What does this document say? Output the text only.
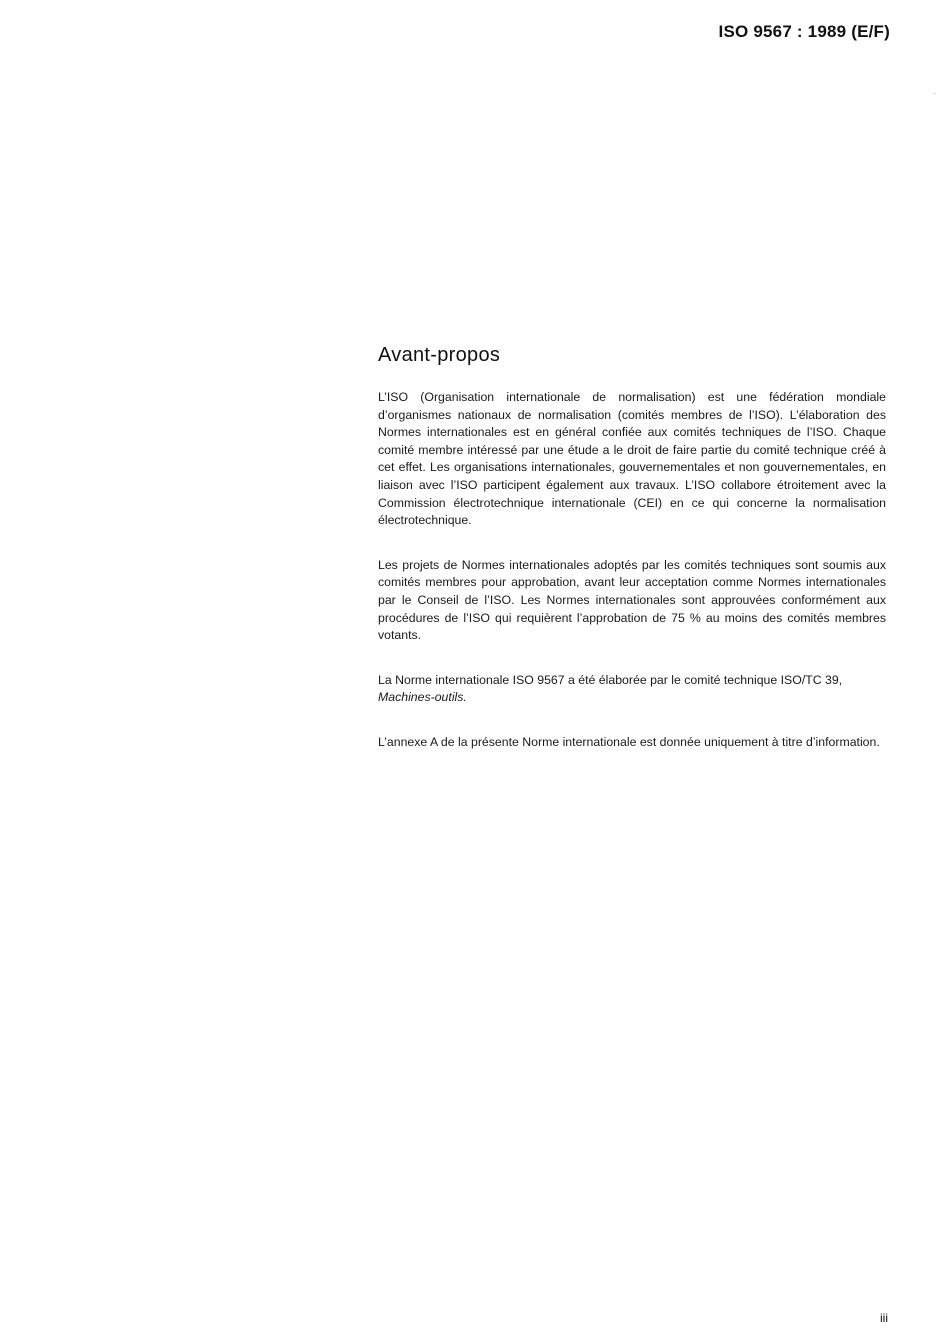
ISO 9567 : 1989 (E/F)
-
Avant-propos

L’ISO (Organisation internationale de normalisation) est une fédération mondiale d’organismes nationaux de normalisation (comités membres de l’ISO). L’élaboration des Normes internationales est en général confiée aux comités techniques de l’ISO. Chaque comité membre intéressé par une étude a le droit de faire partie du comité technique créé à cet effet. Les organisations internationales, gouvernementales et non gouvernementales, en liaison avec l’ISO participent également aux travaux. L’ISO collabore étroitement avec la Commission électrotechnique internationale (CEI) en ce qui concerne la normalisation électrotechnique.

Les projets de Normes internationales adoptés par les comités techniques sont soumis aux comités membres pour approbation, avant leur acceptation comme Normes internationales par le Conseil de l’ISO. Les Normes internationales sont approuvées conformément aux procédures de l’ISO qui requièrent l’approbation de 75 % au moins des comités membres votants.

La Norme internationale ISO 9567 a été élaborée par le comité technique ISO/TC 39,
Machines-outils.

L’annexe A de la présente Norme internationale est donnée uniquement à titre d’information.

iii
